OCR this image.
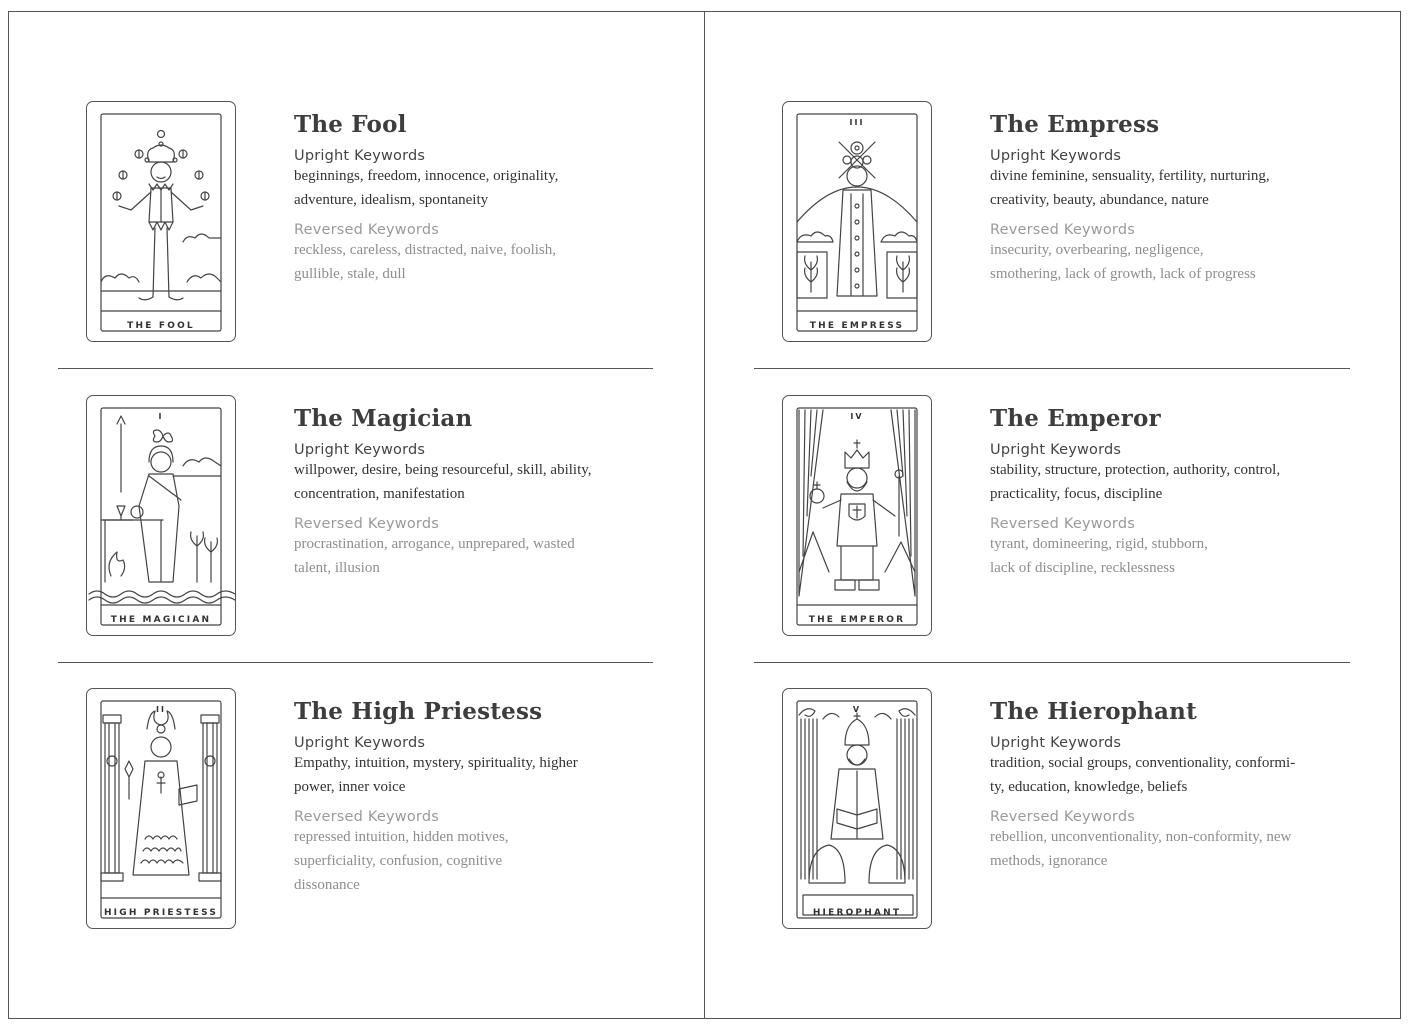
THE FOOL
The Fool
Upright Keywords
beginnings, freedom, innocence, originality,
adventure, idealism, spontaneity
Reversed Keywords
reckless, careless, distracted, naive, foolish,
gullible, stale, dull
I
THE MAGICIAN
The Magician
Upright Keywords
willpower, desire, being resourceful, skill, ability,
concentration, manifestation
Reversed Keywords
procrastination, arrogance, unprepared, wasted
talent, illusion
II
HIGH PRIESTESS
The High Priestess
Upright Keywords
Empathy, intuition, mystery, spirituality, higher
power, inner voice
Reversed Keywords
repressed intuition, hidden motives,
superficiality, confusion, cognitive
dissonance
III
THE EMPRESS
The Empress
Upright Keywords
divine feminine, sensuality, fertility, nurturing,
creativity, beauty, abundance, nature
Reversed Keywords
insecurity, overbearing, negligence,
smothering, lack of growth, lack of progress
IV
THE EMPEROR
The Emperor
Upright Keywords
stability, structure, protection, authority, control,
practicality, focus, discipline
Reversed Keywords
tyrant, domineering, rigid, stubborn,
lack of discipline, recklessness
V
HIEROPHANT
The Hierophant
Upright Keywords
tradition, social groups, conventionality, conformi-
ty, education, knowledge, beliefs
Reversed Keywords
rebellion, unconventionality, non-conformity, new
methods, ignorance
